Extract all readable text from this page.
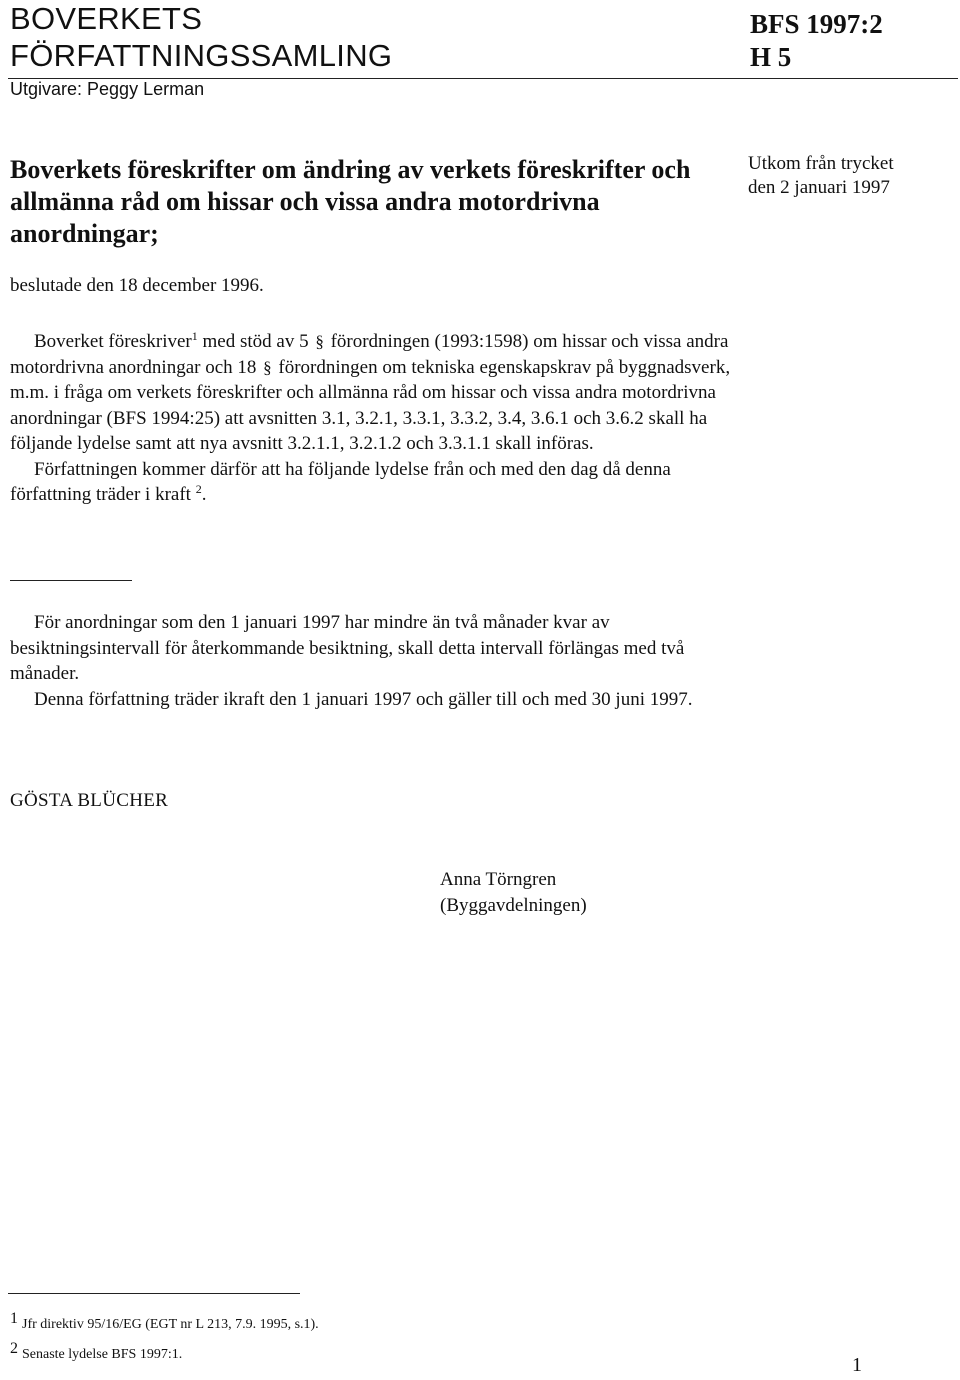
BOVERKETS
FÖRFATTNINGSSAMLING
Utgivare: Peggy Lerman
BFS 1997:2
H 5
Boverkets föreskrifter om ändring av verkets föreskrifter och allmänna råd om hissar och vissa andra motordrivna anordningar;
Utkom från trycket
den 2 januari 1997
beslutade den 18 december 1996.

Boverket föreskriver$^1$ med stöd av 5 § förordningen (1993:1598) om hissar och vissa andra motordrivna anordningar och 18 § förordningen om tekniska egenskapskrav på byggnadsverk, m.m. i fråga om verkets föreskrifter och allmänna råd om hissar och vissa andra motordrivna anordningar (BFS 1994:25) att avsnitten 3.1, 3.2.1, 3.3.1, 3.3.2, 3.4, 3.6.1 och 3.6.2 skall ha följande lydelse samt att nya avsnitt 3.2.1.1, 3.2.1.2 och 3.3.1.1 skall införas.

Författningen kommer därför att ha följande lydelse från och med den dag då denna författning träder i kraft $^2$.

För anordningar som den 1 januari 1997 har mindre än två månader kvar av besiktningsintervall för återkommande besiktning, skall detta intervall förlängas med två månader.

Denna författning träder ikraft den 1 januari 1997 och gäller till och med 30 juni 1997.

GÖSTA BLÜCHER
Anna Törngren
(Byggavdelningen)
1 Jfr direktiv 95/16/EG (EGT nr L 213, 7.9. 1995, s.1).
2 Senaste lydelse BFS 1997:1.	1
